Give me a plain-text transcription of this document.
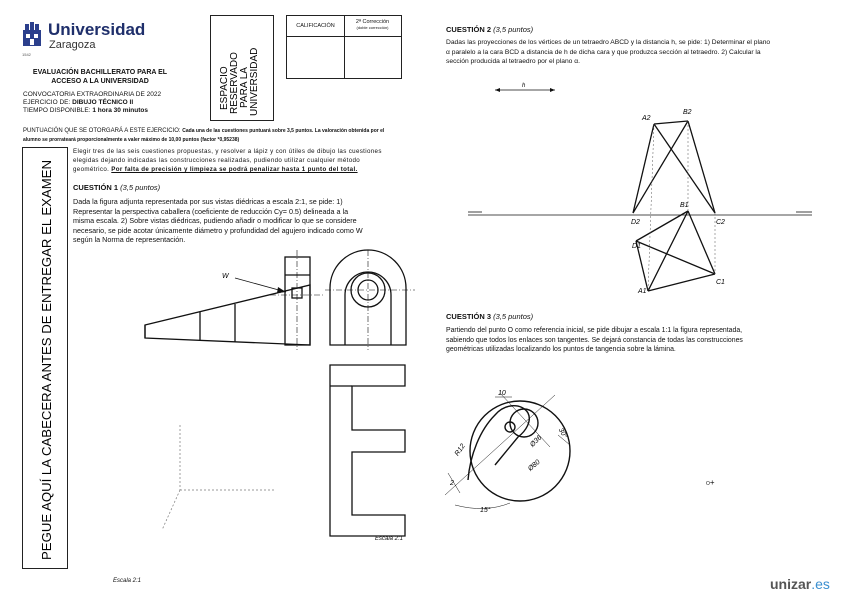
1542
Universidad
Zaragoza
EVALUACIÓN BACHILLERATO PARA EL
ACCESO A LA UNIVERSIDAD
CONVOCATORIA EXTRAORDINARIA DE 2022
EJERCICIO DE: DIBUJO TÉCNICO II
TIEMPO DISPONIBLE: 1 hora 30 minutos
ESPACIO RESERVADO PARA LA UNIVERSIDAD
CALIFICACIÓN
2ª Corrección
(doble corrección)
PUNTUACIÓN QUE SE OTORGARÁ A ESTE EJERCICIO: Cada una de las cuestiones puntuará sobre 3,5 puntos. La valoración obtenida por el
alumno se prorrateará proporcionalmente a valer máximo de 10,00 puntos (factor *0,95238)
PEGUE AQUÍ LA CABECERA ANTES DE ENTREGAR EL EXAMEN
Elegir tres de las seis cuestiones propuestas, y resolver a lápiz y con útiles de dibujo las cuestiones
elegidas dejando indicadas las construcciones realizadas, pudiendo utilizar cualquier método
geométrico. Por falta de precisión y limpieza se podrá penalizar hasta 1 punto del total.
CUESTIÓN 1 (3,5 puntos)
Dada la figura adjunta representada por sus vistas diédricas a escala 2:1, se pide: 1)
Representar la perspectiva caballera (coeficiente de reducción Cy= 0.5) delineada a la
misma escala. 2) Sobre vistas diédricas, pudiendo añadir o modificar lo que se considere
necesario, se pide acotar únicamente diámetro y profundidad del agujero indicado como W
según la Norma de representación.
W
Escala 2:1
Escala 2:1
CUESTIÓN 2 (3,5 puntos)
Dadas las proyecciones de los vértices de un tetraedro ABCD y la distancia h, se pide: 1) Determinar el plano
α paralelo a la cara BCD a distancia de h de dicha cara y que produzca sección al tetraedro. 2) Calcular la
sección producida al tetraedro por el plano α.
h
A2
B2
D2	C2
B1
D1
C1
A1
CUESTIÓN 3 (3,5 puntos)
Partiendo del punto O como referencia inicial, se pide dibujar a escala 1:1 la figura representada,
sabiendo que todos los enlaces son tangentes. Se dejará constancia de todas las construcciones
geométricas utilizadas localizando los puntos de tangencia sobre la lámina.
10
R12
Ø36
30°
Ø80
2
15°
O+
unizar.es
